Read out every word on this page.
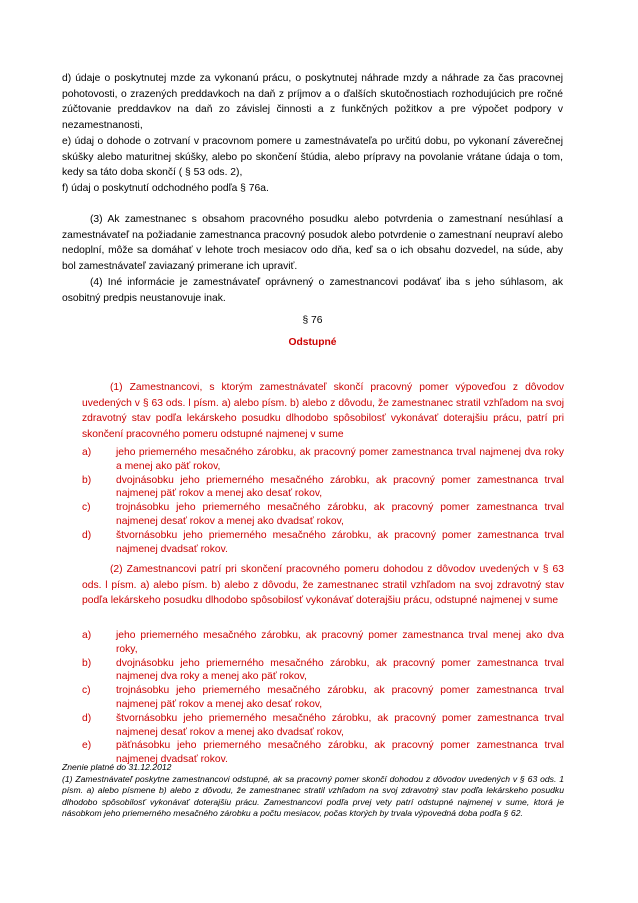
d) údaje o poskytnutej mzde za vykonanú prácu, o poskytnutej náhrade mzdy a náhrade za čas pracovnej pohotovosti, o zrazených preddavkoch na daň z príjmov a o ďalších skutočnostiach rozhodujúcich pre ročné zúčtovanie preddavkov na daň zo závislej činnosti a z funkčných požitkov a pre výpočet podpory v nezamestnanosti,
e) údaj o dohode o zotrvaní v pracovnom pomere u zamestnávateľa po určitú dobu, po vykonaní záverečnej skúšky alebo maturitnej skúšky, alebo po skončení štúdia, alebo prípravy na povolanie vrátane údaja o tom, kedy sa táto doba skončí ( § 53 ods. 2),
f) údaj o poskytnutí odchodného podľa § 76a.
(3) Ak zamestnanec s obsahom pracovného posudku alebo potvrdenia o zamestnaní nesúhlasí a zamestnávateľ na požiadanie zamestnanca pracovný posudok alebo potvrdenie o zamestnaní neupraví alebo nedoplní, môže sa domáhať v lehote troch mesiacov odo dňa, keď sa o ich obsahu dozvedel, na súde, aby bol zamestnávateľ zaviazaný primerane ich upraviť.
(4) Iné informácie je zamestnávateľ oprávnený o zamestnancovi podávať iba s jeho súhlasom, ak osobitný predpis neustanovuje inak.
§ 76
Odstupné
(1) Zamestnancovi, s ktorým zamestnávateľ skončí pracovný pomer výpoveďou z dôvodov uvedených v § 63 ods. l písm. a) alebo písm. b) alebo z dôvodu, že zamestnanec stratil vzhľadom na svoj zdravotný stav podľa lekárskeho posudku dlhodobo spôsobilosť vykonávať doterajšiu prácu, patrí pri skončení pracovného pomeru odstupné najmenej v sume
a) jeho priemerného mesačného zárobku, ak pracovný pomer zamestnanca trval najmenej dva roky a menej ako päť rokov,
b) dvojnásobku jeho priemerného mesačného zárobku, ak pracovný pomer zamestnanca trval najmenej päť rokov a menej ako desať rokov,
c) trojnásobku jeho priemerného mesačného zárobku, ak pracovný pomer zamestnanca trval najmenej desať rokov a menej ako dvadsať rokov,
d) štvornásobku jeho priemerného mesačného zárobku, ak pracovný pomer zamestnanca trval najmenej dvadsať rokov.
(2) Zamestnancovi patrí pri skončení pracovného pomeru dohodou z dôvodov uvedených v § 63 ods. l písm. a) alebo písm. b) alebo z dôvodu, že zamestnanec stratil vzhľadom na svoj zdravotný stav podľa lekárskeho posudku dlhodobo spôsobilosť vykonávať doterajšiu prácu, odstupné najmenej v sume
a) jeho priemerného mesačného zárobku, ak pracovný pomer zamestnanca trval menej ako dva roky,
b) dvojnásobku jeho priemerného mesačného zárobku, ak pracovný pomer zamestnanca trval najmenej dva roky a menej ako päť rokov,
c) trojnásobku jeho priemerného mesačného zárobku, ak pracovný pomer zamestnanca trval najmenej päť rokov a menej ako desať rokov,
d) štvornásobku jeho priemerného mesačného zárobku, ak pracovný pomer zamestnanca trval najmenej desať rokov a menej ako dvadsať rokov,
e) päťnásobku jeho priemerného mesačného zárobku, ak pracovný pomer zamestnanca trval najmenej dvadsať rokov.
Znenie platné do 31.12.2012
(1) Zamestnávateľ poskytne zamestnancovi odstupné, ak sa pracovný pomer skončí dohodou z dôvodov uvedených v § 63 ods. 1 písm. a) alebo písmene b) alebo z dôvodu, že zamestnanec stratil vzhľadom na svoj zdravotný stav podľa lekárskeho posudku dlhodobo spôsobilosť vykonávať doterajšiu prácu. Zamestnancovi podľa prvej vety patrí odstupné najmenej v sume, ktorá je násobkom jeho priemerného mesačného zárobku a počtu mesiacov, počas ktorých by trvala výpovedná doba podľa § 62.
